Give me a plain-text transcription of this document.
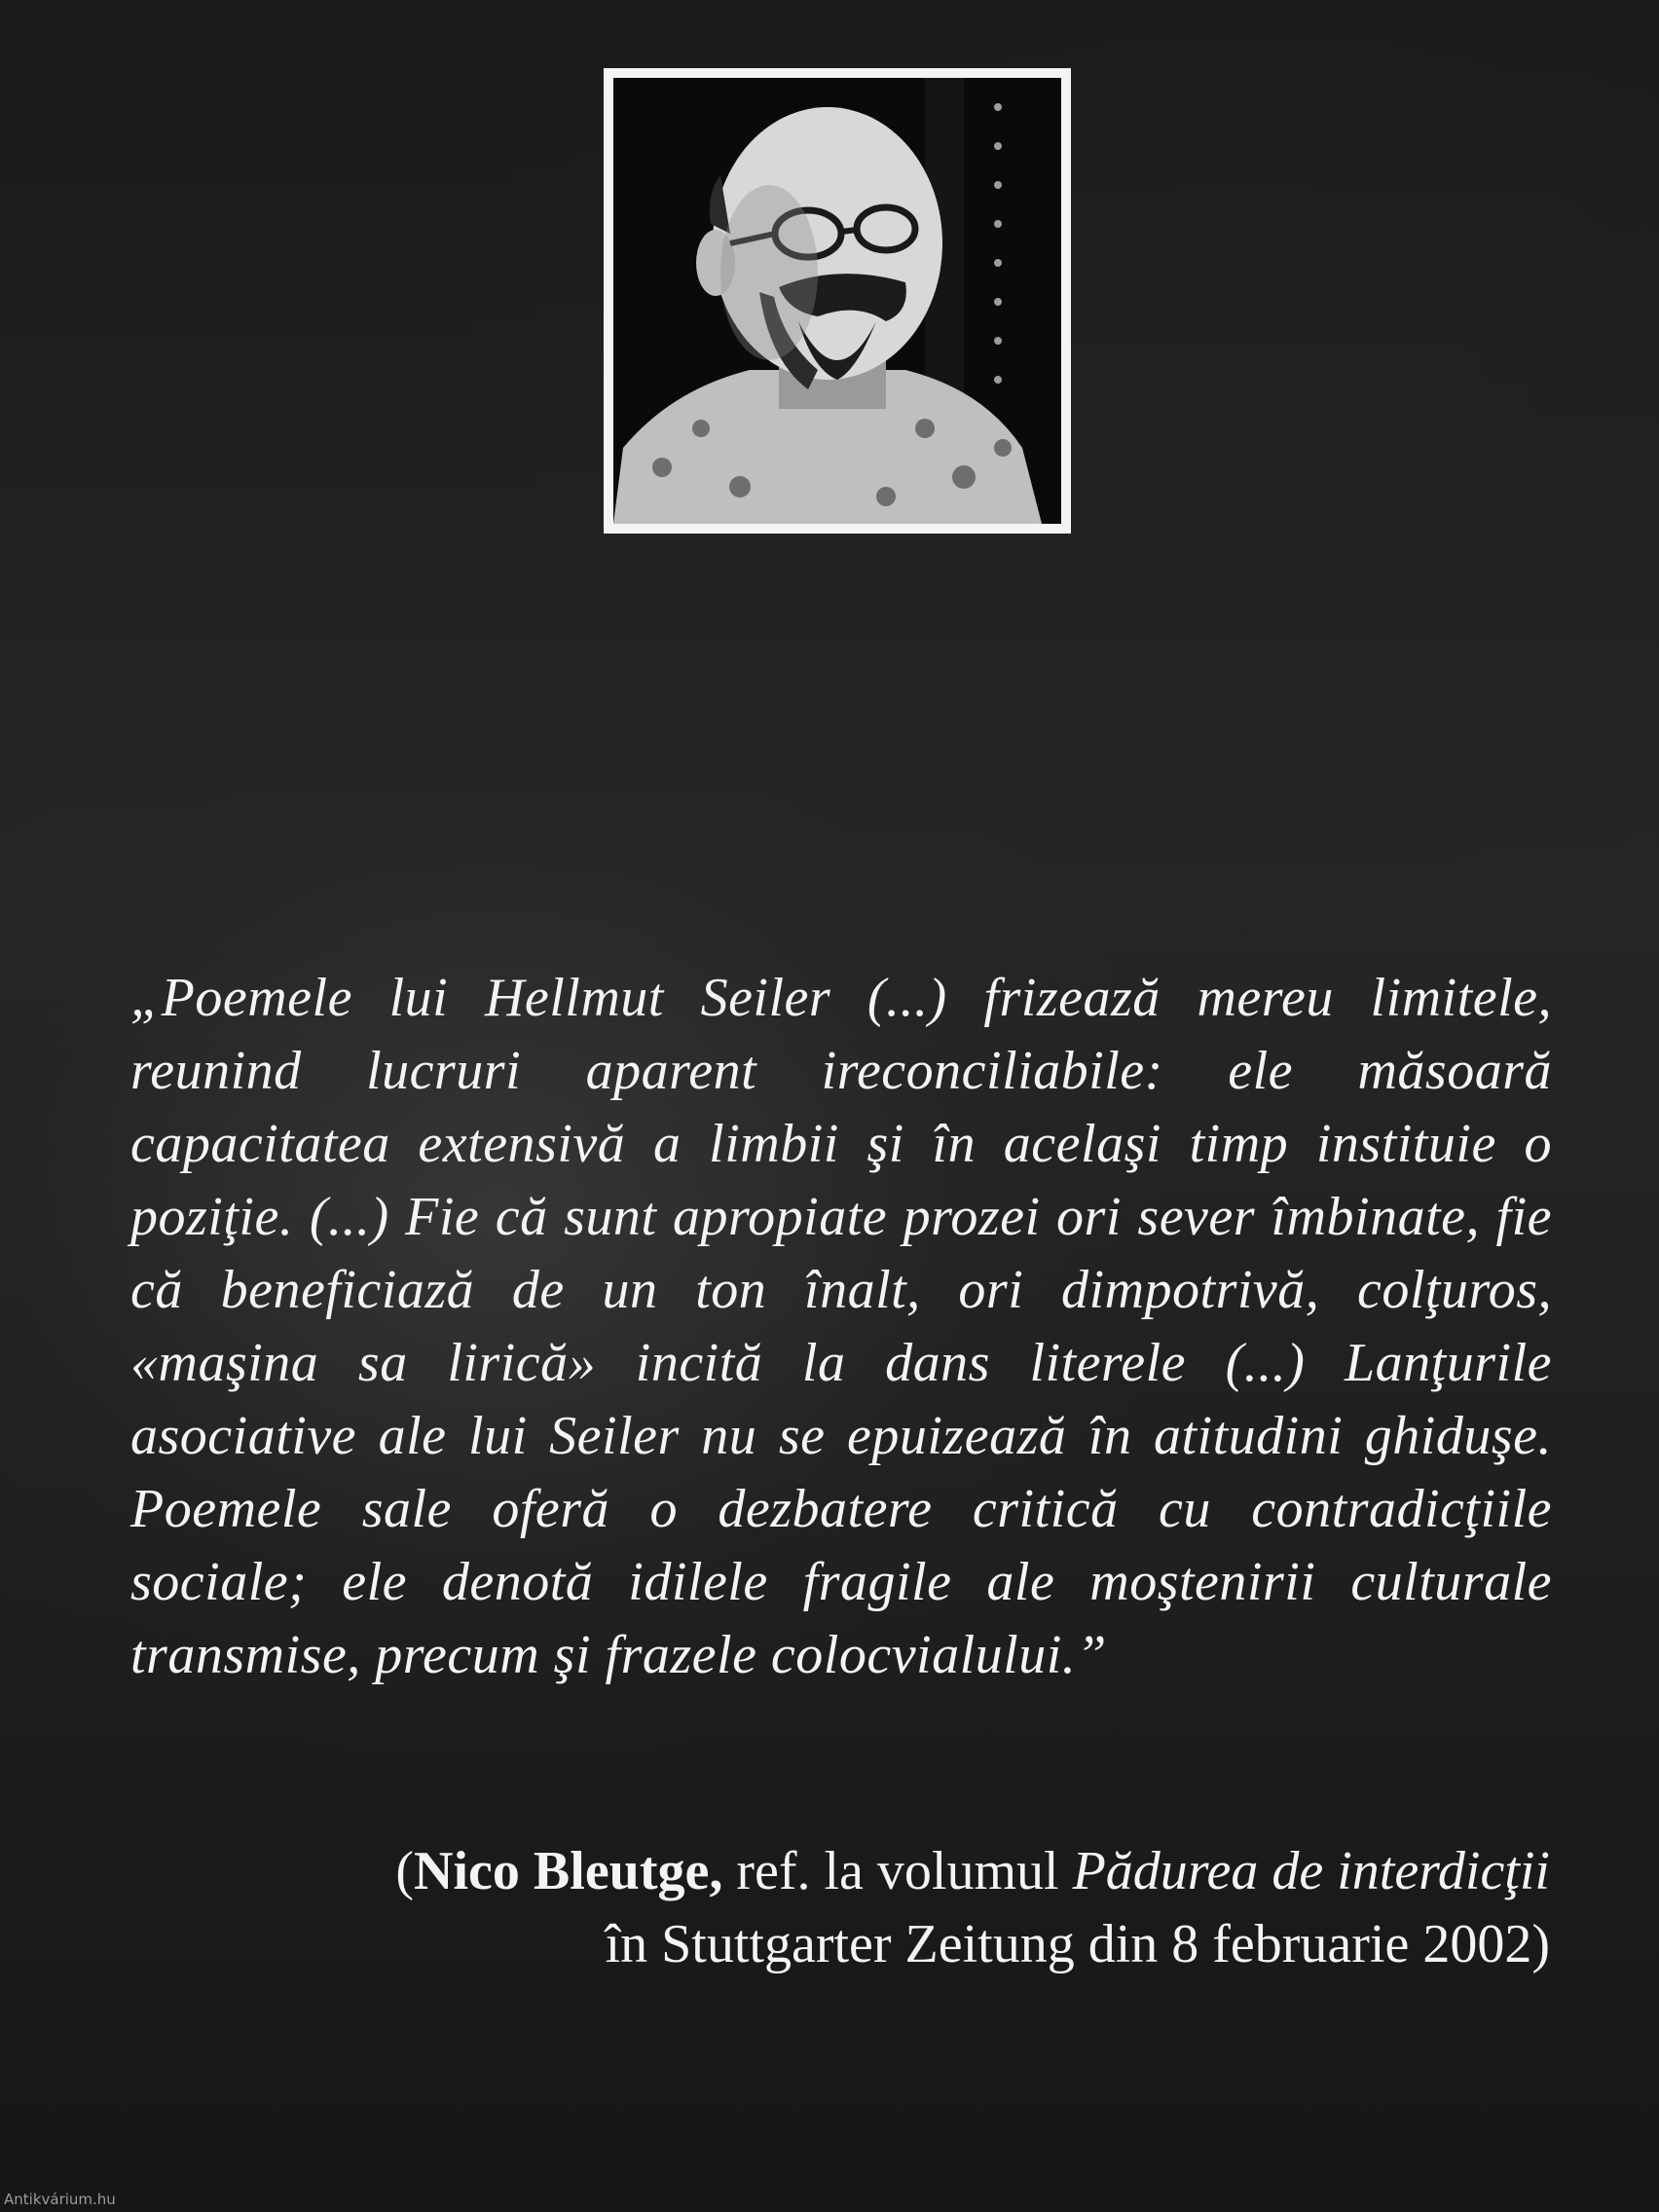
„Poemele lui Hellmut Seiler (...) frizează mereu limitele, reunind lucruri aparent ireconciliabile: ele măsoară capacitatea extensivă a limbii şi în acelaşi timp instituie o poziţie. (...) Fie că sunt apropiate prozei ori sever îmbinate, fie că beneficiază de un ton înalt, ori dimpotrivă, colţuros, «maşina sa lirică» incită la dans literele (...) Lanţurile asociative ale lui Seiler nu se epuizează în atitudini ghiduşe. Poemele sale oferă o dezbatere critică cu contradicţiile sociale; ele denotă idilele fragile ale moştenirii culturale transmise, precum şi frazele colocvialului.”

(Nico Bleutge, ref. la volumul Pădurea de interdicţii
în Stuttgarter Zeitung din 8 februarie 2002)

Antikvárium.hu
